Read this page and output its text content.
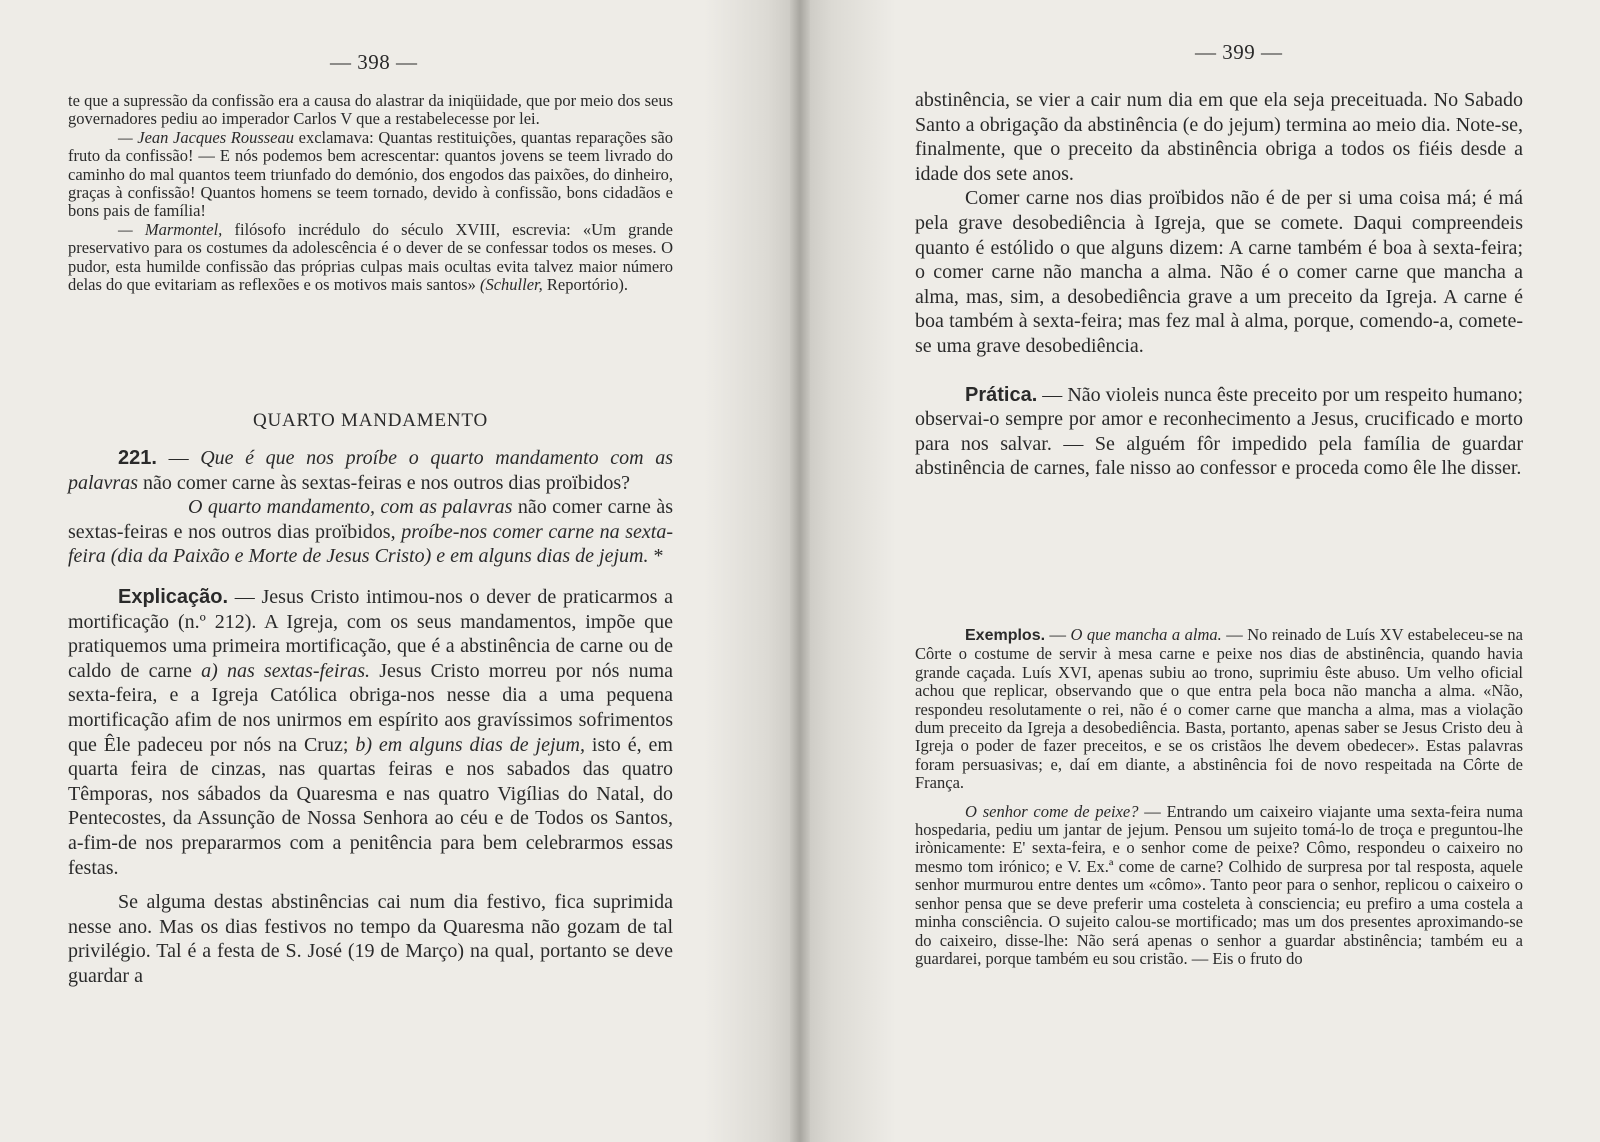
— 398 —

te que a supressão da confissão era a causa do alastrar da iniqüidade, que por meio dos seus governadores pediu ao imperador Carlos V que a restabelecesse por lei.

— Jean Jacques Rousseau exclamava: Quantas restituições, quantas reparações são fruto da confissão! — E nós podemos bem acrescentar: quantos jovens se teem livrado do caminho do mal quantos teem triunfado do demónio, dos engodos das paixões, do dinheiro, graças à confissão! Quantos homens se teem tornado, devido à confissão, bons cidadãos e bons pais de família!

— Marmontel, filósofo incrédulo do século XVIII, escrevia: «Um grande preservativo para os costumes da adolescência é o dever de se confessar todos os meses. O pudor, esta humilde confissão das próprias culpas mais ocultas evita talvez maior número delas do que evitariam as reflexões e os motivos mais santos» (Schuller, Reportório).

QUARTO MANDAMENTO

221. — Que é que nos proíbe o quarto mandamento com as palavras não comer carne às sextas-feiras e nos outros dias proïbidos?

O quarto mandamento, com as palavras não comer carne às sextas-feiras e nos outros dias proïbidos, proíbe-nos comer carne na sexta-feira (dia da Paixão e Morte de Jesus Cristo) e em alguns dias de jejum. *

Explicação. — Jesus Cristo intimou-nos o dever de praticarmos a mortificação (n.º 212). A Igreja, com os seus mandamentos, impõe que pratiquemos uma primeira mortificação, que é a abstinência de carne ou de caldo de carne a) nas sextas-feiras. Jesus Cristo morreu por nós numa sexta-feira, e a Igreja Católica obriga-nos nesse dia a uma pequena mortificação afim de nos unirmos em espírito aos gravíssimos sofrimentos que Êle padeceu por nós na Cruz; b) em alguns dias de jejum, isto é, em quarta feira de cinzas, nas quartas feiras e nos sabados das quatro Têmporas, nos sábados da Quaresma e nas quatro Vigílias do Natal, do Pentecostes, da Assunção de Nossa Senhora ao céu e de Todos os Santos, a-fim-de nos prepararmos com a penitência para bem celebrarmos essas festas.

Se alguma destas abstinências cai num dia festivo, fica suprimida nesse ano. Mas os dias festivos no tempo da Quaresma não gozam de tal privilégio. Tal é a festa de S. José (19 de Março) na qual, portanto se deve guardar a

— 399 —

abstinência, se vier a cair num dia em que ela seja preceituada. No Sabado Santo a obrigação da abstinência (e do jejum) termina ao meio dia. Note-se, finalmente, que o preceito da abstinência obriga a todos os fiéis desde a idade dos sete anos.

Comer carne nos dias proïbidos não é de per si uma coisa má; é má pela grave desobediência à Igreja, que se comete. Daqui compreendeis quanto é estólido o que alguns dizem: A carne também é boa à sexta-feira; o comer carne não mancha a alma. Não é o comer carne que mancha a alma, mas, sim, a desobediência grave a um preceito da Igreja. A carne é boa também à sexta-feira; mas fez mal à alma, porque, comendo-a, comete-se uma grave desobediência.

Prática. — Não violeis nunca êste preceito por um respeito humano; observai-o sempre por amor e reconhecimento a Jesus, crucificado e morto para nos salvar. — Se alguém fôr impedido pela família de guardar abstinência de carnes, fale nisso ao confessor e proceda como êle lhe disser.

Exemplos. — O que mancha a alma. — No reinado de Luís XV estabeleceu-se na Côrte o costume de servir à mesa carne e peixe nos dias de abstinência, quando havia grande caçada. Luís XVI, apenas subiu ao trono, suprimiu êste abuso. Um velho oficial achou que replicar, observando que o que entra pela boca não mancha a alma. «Não, respondeu resolutamente o rei, não é o comer carne que mancha a alma, mas a violação dum preceito da Igreja a desobediência. Basta, portanto, apenas saber se Jesus Cristo deu à Igreja o poder de fazer preceitos, e se os cristãos lhe devem obedecer». Estas palavras foram persuasivas; e, daí em diante, a abstinência foi de novo respeitada na Côrte de França.

O senhor come de peixe? — Entrando um caixeiro viajante uma sexta-feira numa hospedaria, pediu um jantar de jejum. Pensou um sujeito tomá-lo de troça e preguntou-lhe irònicamente: E' sexta-feira, e o senhor come de peixe? Cômo, respondeu o caixeiro no mesmo tom irónico; e V. Ex.ª come de carne? Colhido de surpresa por tal resposta, aquele senhor murmurou entre dentes um «cômo». Tanto peor para o senhor, replicou o caixeiro o senhor pensa que se deve preferir uma costeleta à consciencia; eu prefiro a uma costela a minha consciência. O sujeito calou-se mortificado; mas um dos presentes aproximando-se do caixeiro, disse-lhe: Não será apenas o senhor a guardar abstinência; também eu a guardarei, porque também eu sou cristão. — Eis o fruto do
